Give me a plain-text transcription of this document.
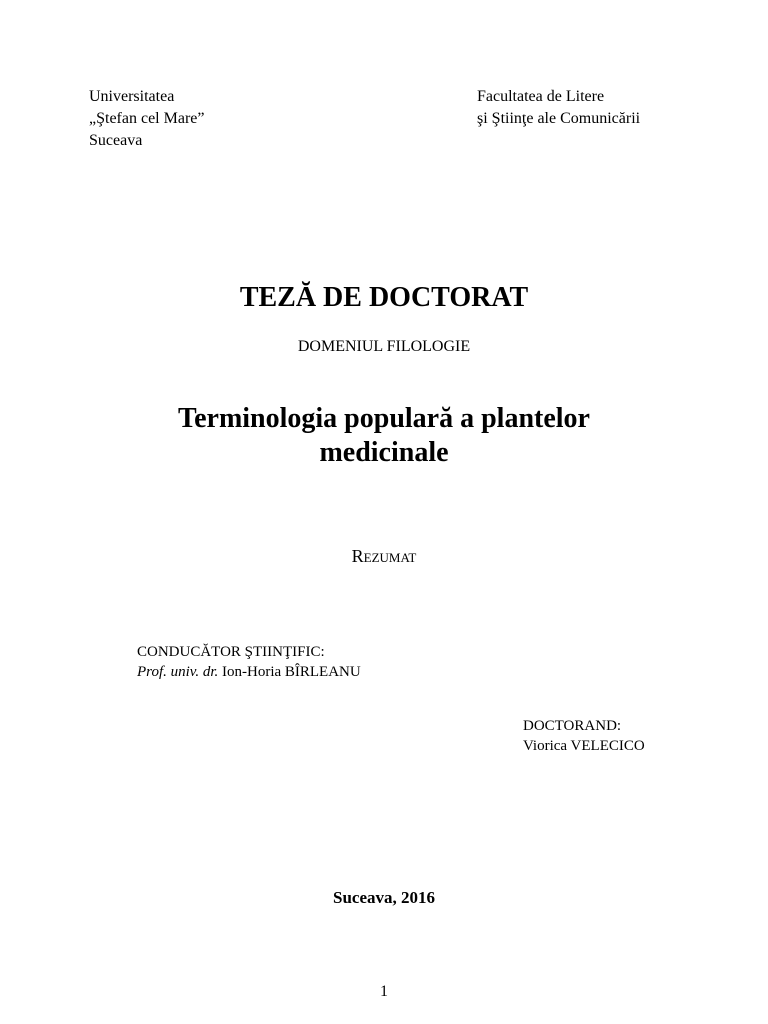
Universitatea
„Ştefan cel Mare”
Suceava
Facultatea de Litere
şi Ştiinţe ale Comunicării
TEZĂ DE DOCTORAT
DOMENIUL FILOLOGIE
Terminologia populară a plantelor
medicinale
Rezumat
CONDUCĂTOR ŞTIINŢIFIC:
Prof. univ. dr. Ion-Horia BÎRLEANU
DOCTORAND:
Viorica VELECICO
Suceava, 2016
1
